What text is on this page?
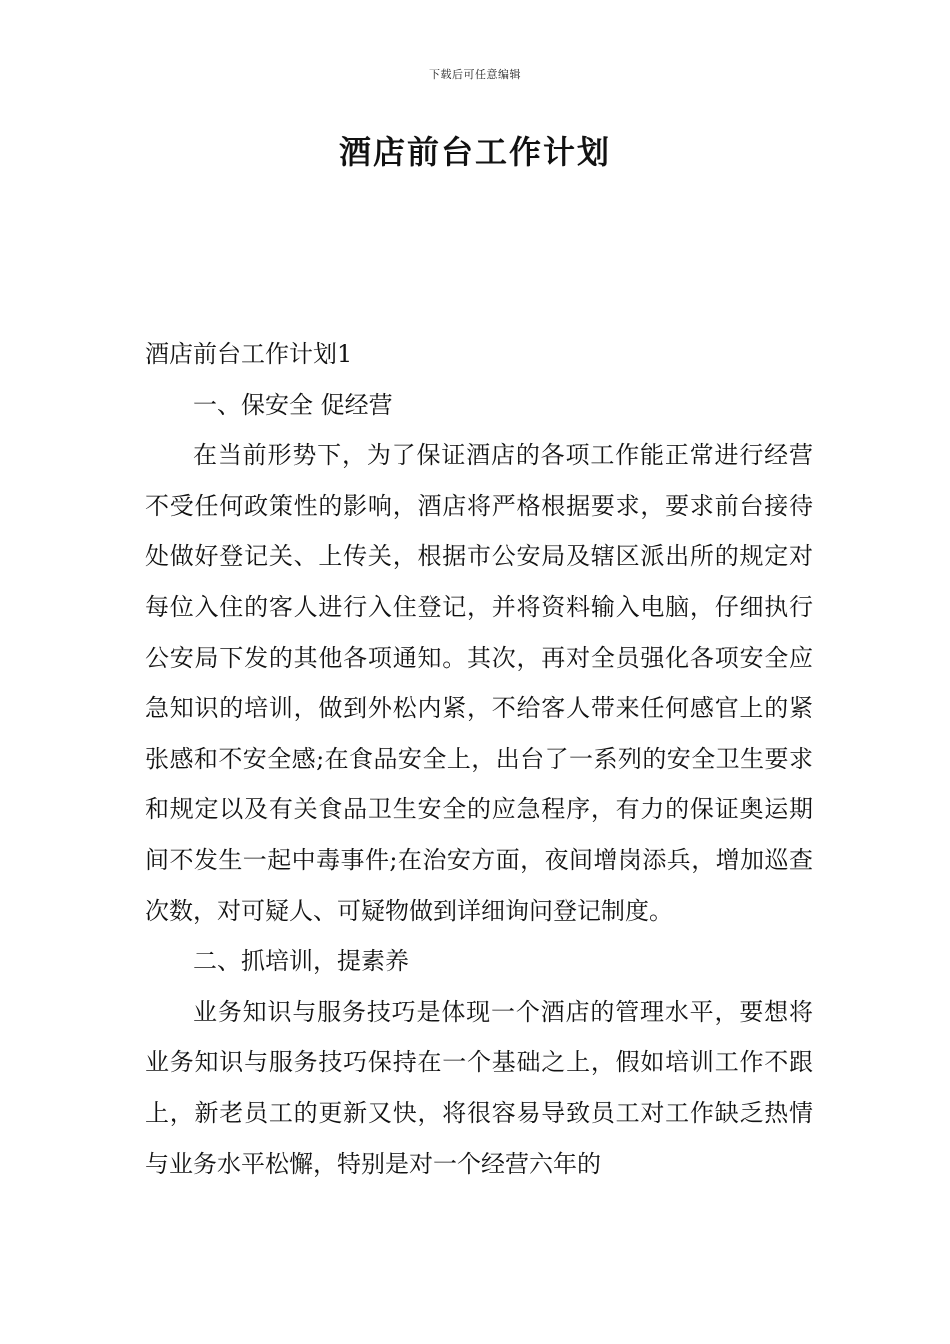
下载后可任意编辑
酒店前台工作计划

酒店前台工作计划1

一、保安全 促经营

在当前形势下，为了保证酒店的各项工作能正常进行经营不受任何政策性的影响，酒店将严格根据要求，要求前台接待处做好登记关、上传关，根据市公安局及辖区派出所的规定对每位入住的客人进行入住登记，并将资料输入电脑，仔细执行公安局下发的其他各项通知。其次，再对全员强化各项安全应急知识的培训，做到外松内紧，不给客人带来任何感官上的紧张感和不安全感;在食品安全上，出台了一系列的安全卫生要求和规定以及有关食品卫生安全的应急程序，有力的保证奥运期间不发生一起中毒事件;在治安方面，夜间增岗添兵，增加巡查次数，对可疑人、可疑物做到详细询问登记制度。

二、抓培训，提素养

业务知识与服务技巧是体现一个酒店的管理水平，要想将业务知识与服务技巧保持在一个基础之上，假如培训工作不跟上，新老员工的更新又快，将很容易导致员工对工作缺乏热情与业务水平松懈，特别是对一个经营六年的
